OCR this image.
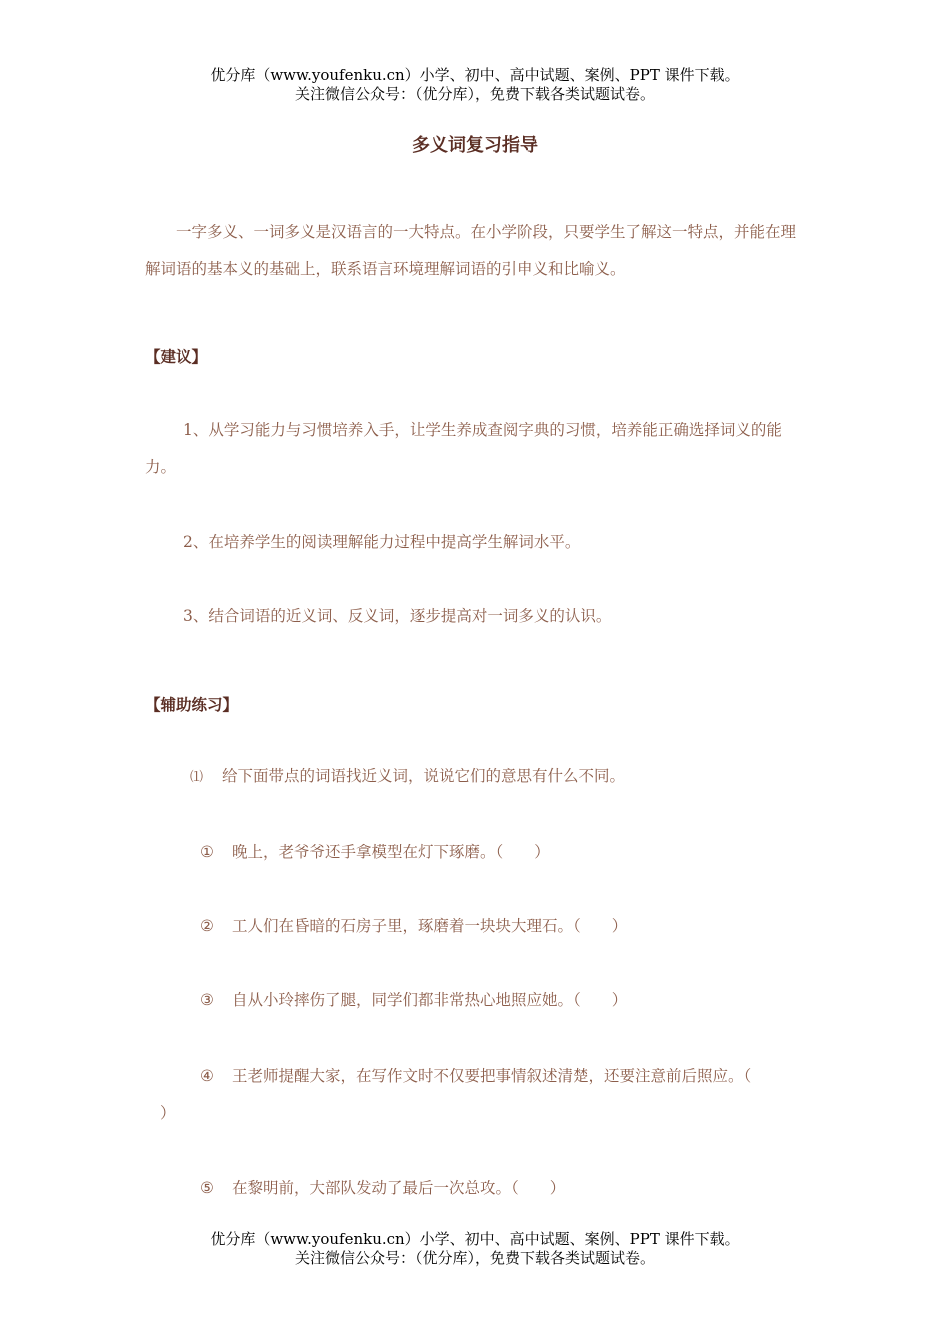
优分库（www.youfenku.cn）小学、初中、高中试题、案例、PPT 课件下载。

关注微信公众号：（优分库），免费下载各类试题试卷。

多义词复习指导

一字多义、一词多义是汉语言的一大特点。在小学阶段，只要学生了解这一特点，并能在理解词语的基本义的基础上，联系语言环境理解词语的引申义和比喻义。

【建议】

1、从学习能力与习惯培养入手，让学生养成查阅字典的习惯，培养能正确选择词义的能力。

2、在培养学生的阅读理解能力过程中提高学生解词水平。

3、结合词语的近义词、反义词，逐步提高对一词多义的认识。

【辅助练习】

⑴ 给下面带点的词语找近义词，说说它们的意思有什么不同。

① 晚上，老爷爷还手拿模型在灯下琢磨。（　　）

② 工人们在昏暗的石房子里，琢磨着一块块大理石。（　　）

③ 自从小玲摔伤了腿，同学们都非常热心地照应她。（　　）

④ 王老师提醒大家，在写作文时不仅要把事情叙述清楚，还要注意前后照应。（

）

⑤ 在黎明前，大部队发动了最后一次总攻。（　　）

优分库（www.youfenku.cn）小学、初中、高中试题、案例、PPT 课件下载。

关注微信公众号：（优分库），免费下载各类试题试卷。
